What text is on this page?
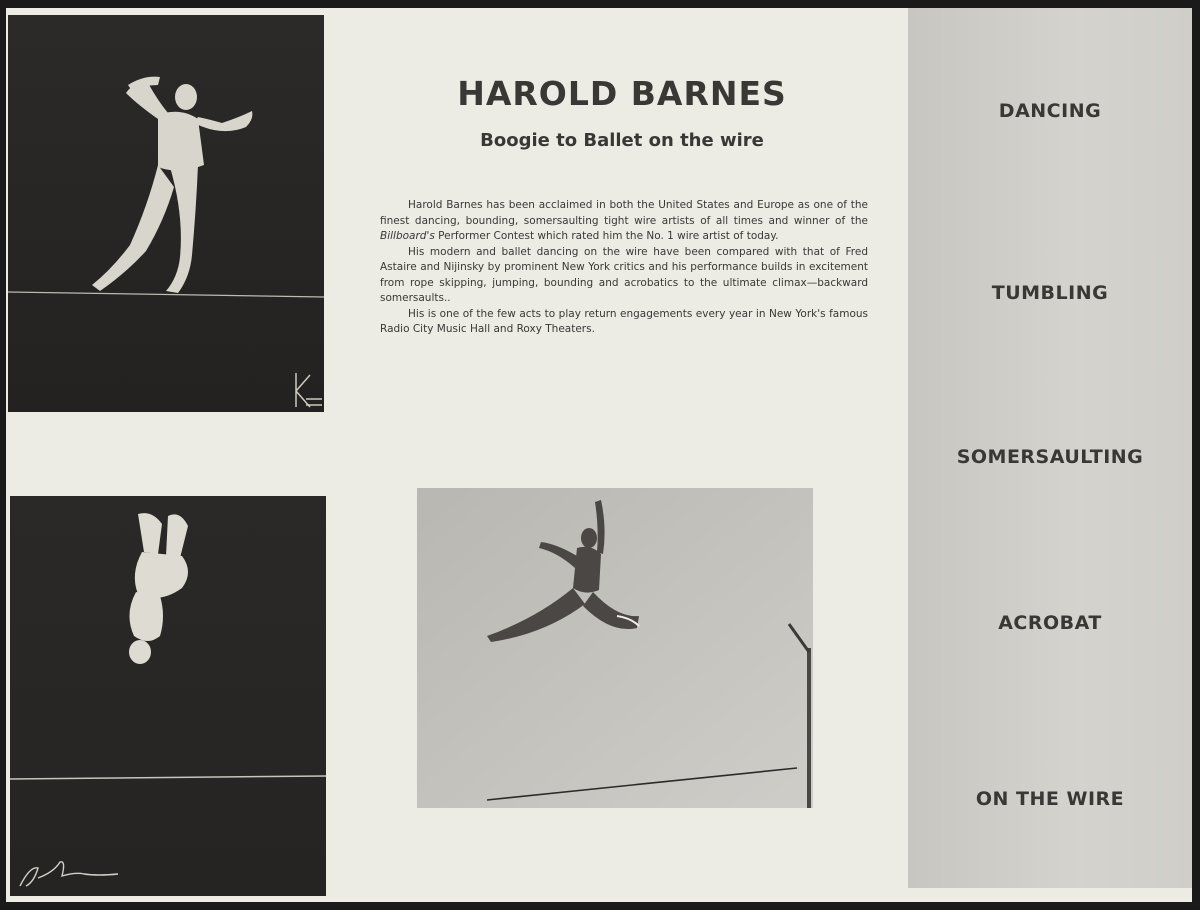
DANCING
TUMBLING
SOMERSAULTING
ACROBAT
ON THE WIRE
HAROLD BARNES
Boogie to Ballet on the wire

Harold Barnes has been acclaimed in both the United States and Europe as one of the finest dancing, bounding, somersaulting tight wire artists of all times and winner of the Billboard's Performer Contest which rated him the No. 1 wire artist of today.

His modern and ballet dancing on the wire have been compared with that of Fred Astaire and Nijinsky by prominent New York critics and his performance builds in excitement from rope skipping, jumping, bounding and acrobatics to the ultimate climax—backward somersaults..

His is one of the few acts to play return engagements every year in New York's famous Radio City Music Hall and Roxy Theaters.
